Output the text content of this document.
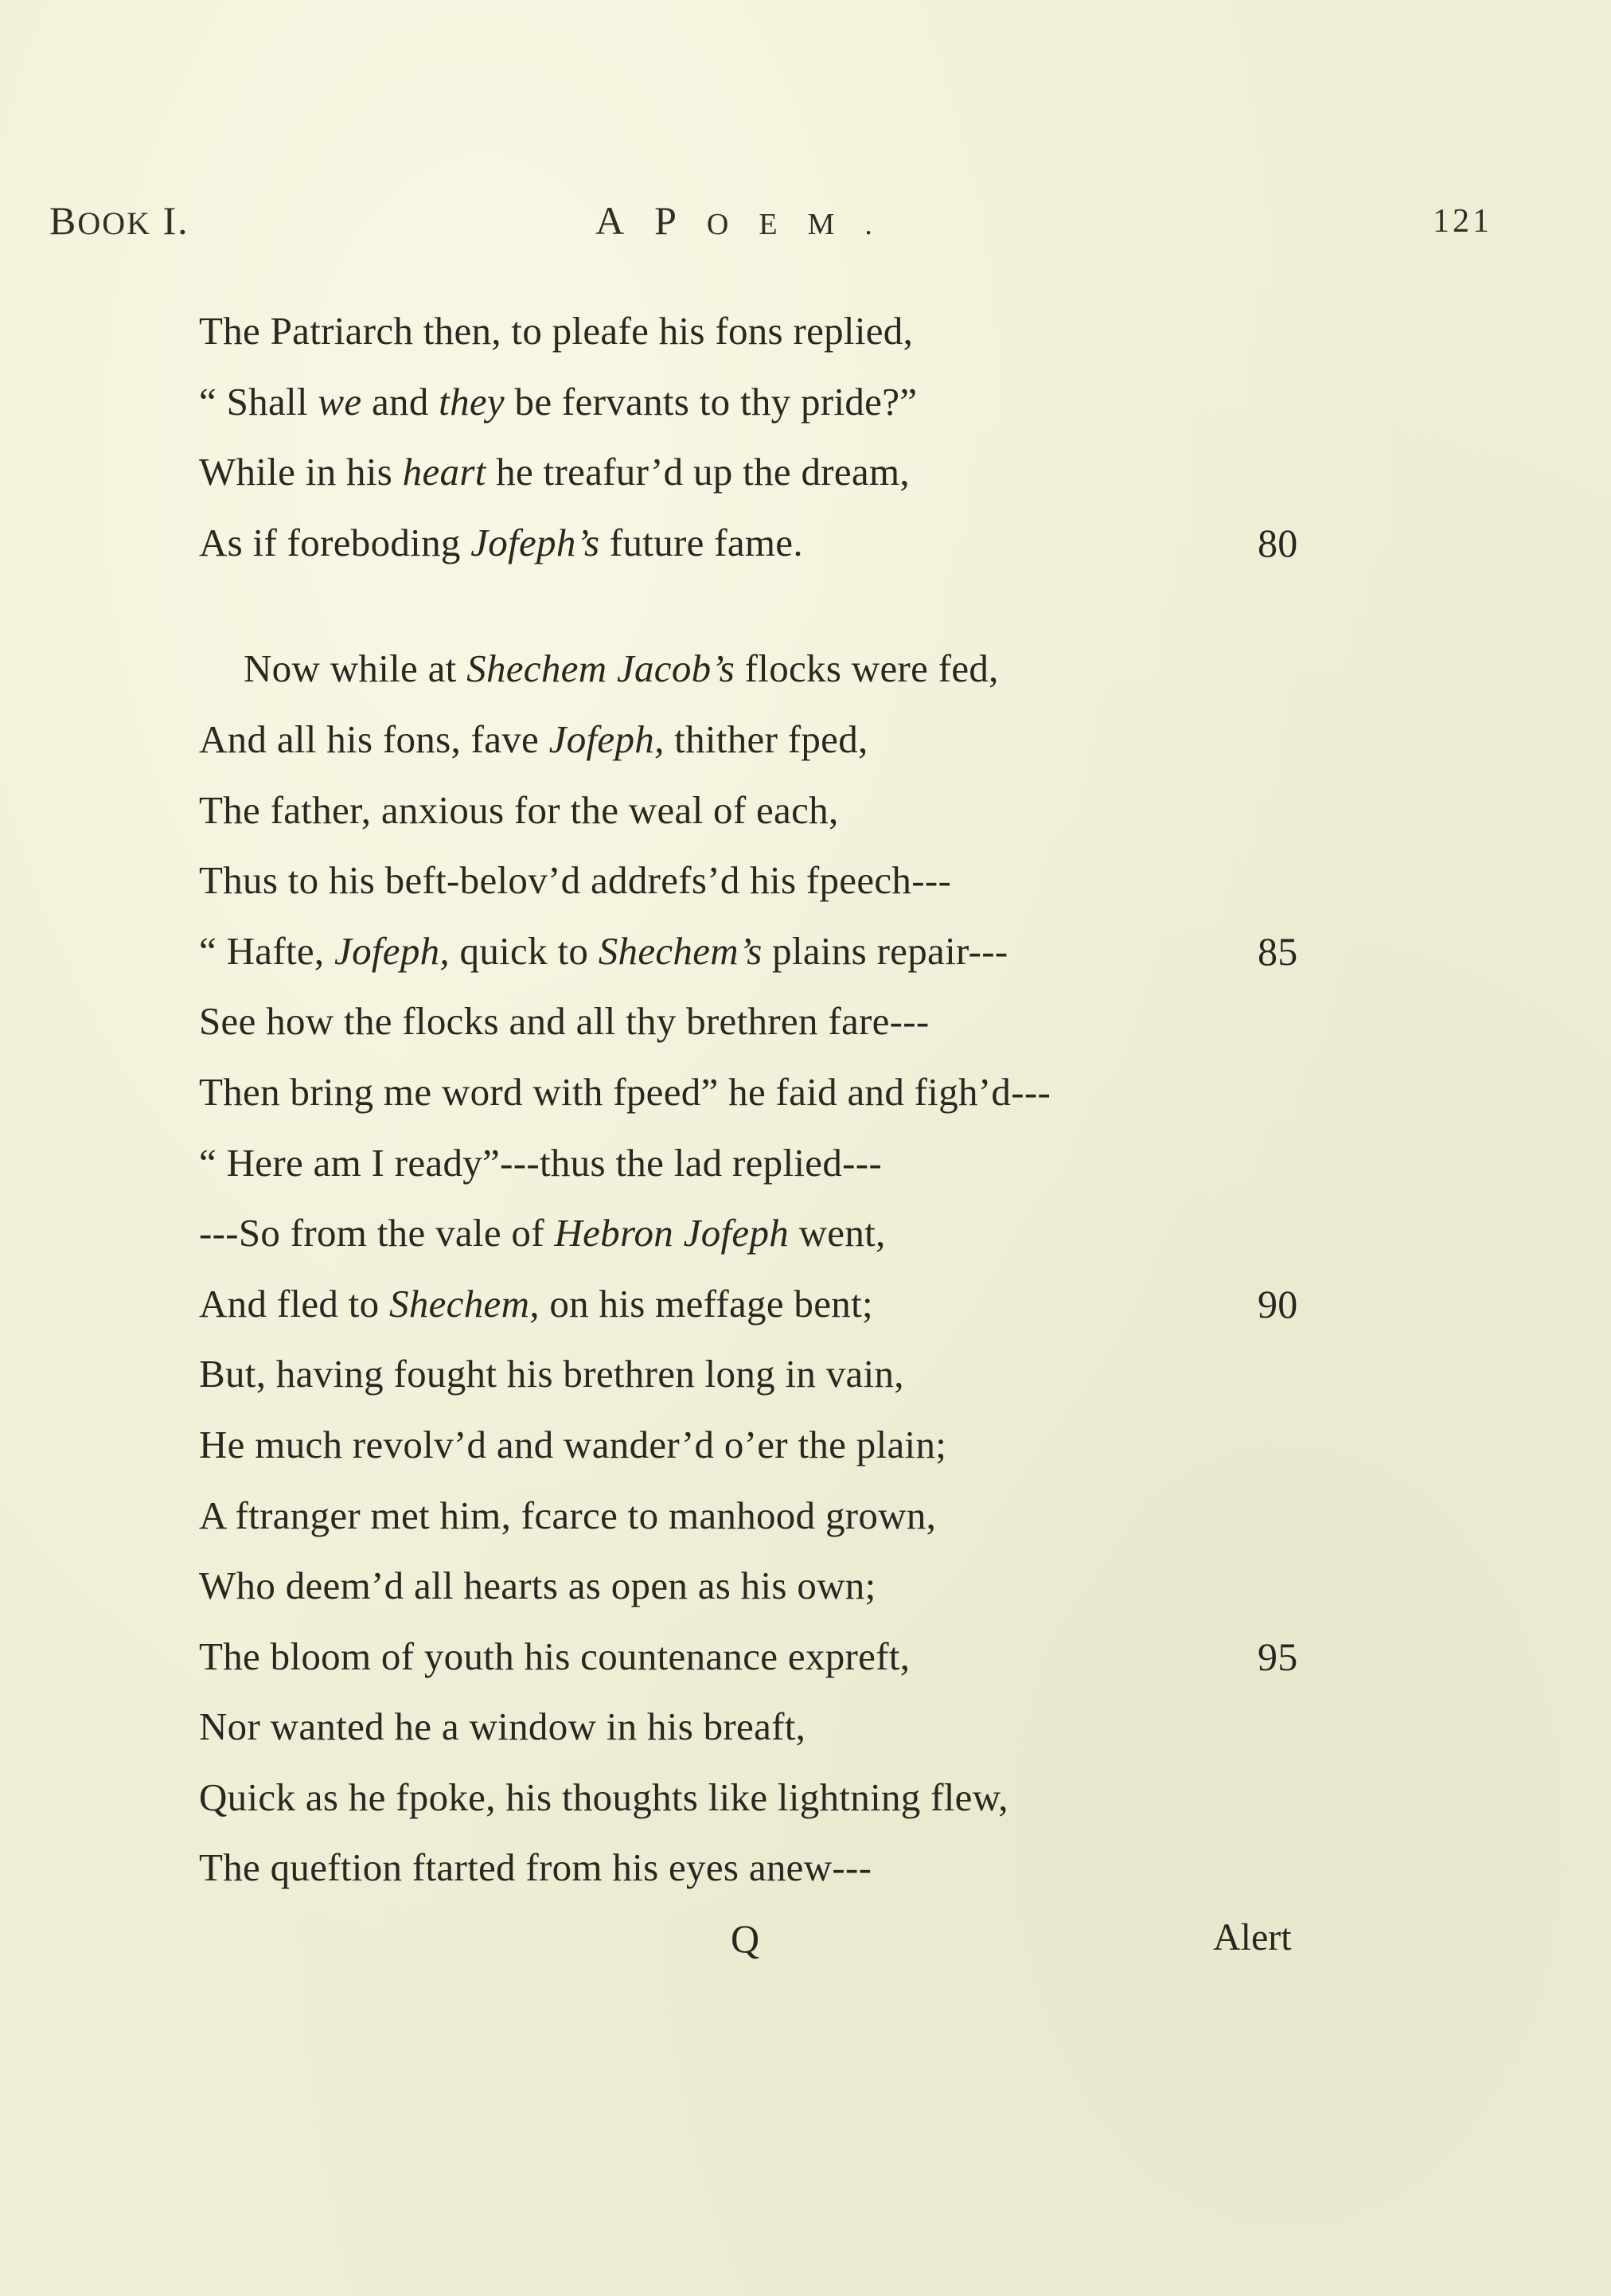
BOOK I.	APOEM.	121
The Patriarch then, to pleafe his fons replied,
“ Shall we and they be fervants to thy pride?”
While in his heart he treafur’d up the dream,
As if foreboding Jofeph’s future fame.	80
Now while at Shechem Jacob’s flocks were fed,
And all his fons, fave Jofeph, thither fped,
The father, anxious for the weal of each,
Thus to his beft-belov’d addrefs’d his fpeech---
“ Hafte, Jofeph, quick to Shechem’s plains repair---	85
See how the flocks and all thy brethren fare---
Then bring me word with fpeed” he faid and figh’d---
“ Here am I ready”---thus the lad replied---
---So from the vale of Hebron Jofeph went,
And fled to Shechem, on his meffage bent;	90
But, having fought his brethren long in vain,
He much revolv’d and wander’d o’er the plain;
A ftranger met him, fcarce to manhood grown,
Who deem’d all hearts as open as his own;
The bloom of youth his countenance expreft,	95
Nor wanted he a window in his breaft,
Quick as he fpoke, his thoughts like lightning flew,
The queftion ftarted from his eyes anew---
Q	Alert
